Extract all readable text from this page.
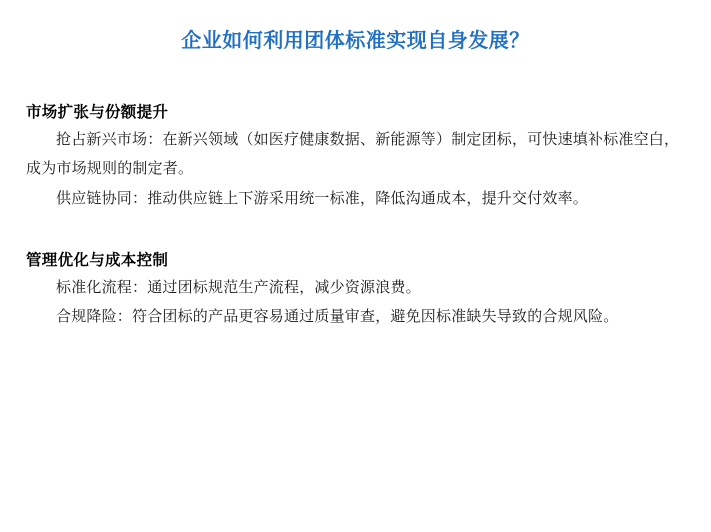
企业如何利用团体标准实现自身发展？
市场扩张与份额提升

抢占新兴市场：在新兴领域（如医疗健康数据、新能源等）制定团标，可快速填补标准空白，成为市场规则的制定者。

供应链协同：推动供应链上下游采用统一标准，降低沟通成本，提升交付效率。

管理优化与成本控制

标准化流程：通过团标规范生产流程，减少资源浪费。

合规降险：符合团标的产品更容易通过质量审查，避免因标准缺失导致的合规风险。
